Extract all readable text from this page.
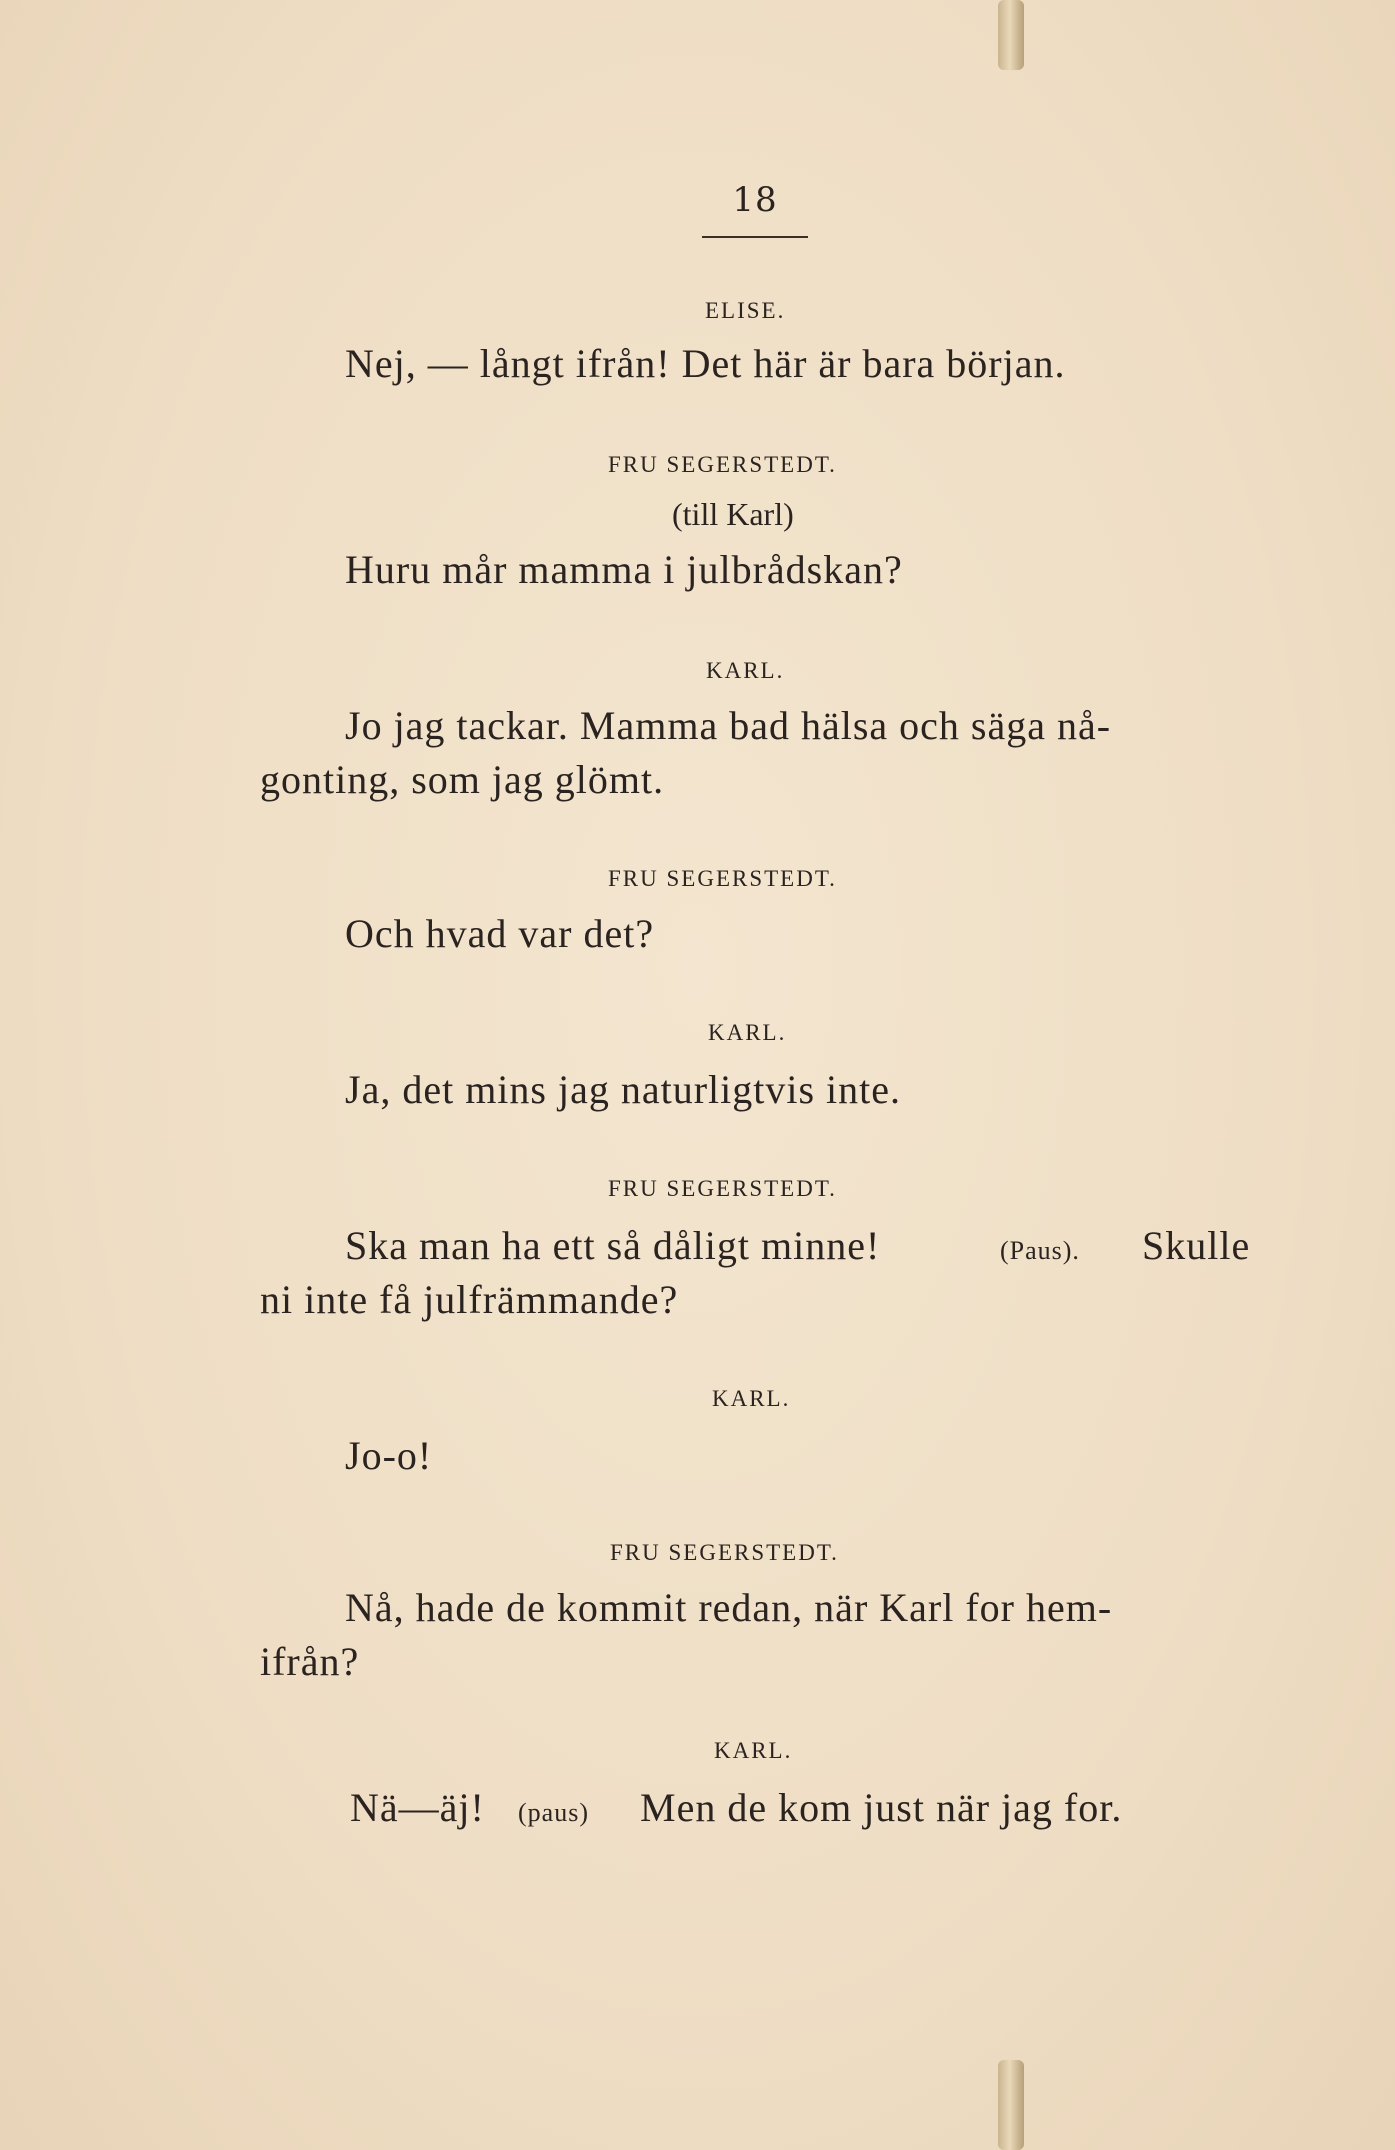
18
ELISE.
Nej, — långt ifrån! Det här är bara början.
FRU SEGERSTEDT.
(till Karl)
Huru mår mamma i julbrådskan?
KARL.
Jo jag tackar. Mamma bad hälsa och säga nå-
gonting, som jag glömt.
FRU SEGERSTEDT.
Och hvad var det?
KARL.
Ja, det mins jag naturligtvis inte.
FRU SEGERSTEDT.
Ska man ha ett så dåligt minne!	(Paus). Skulle
ni inte få julfrämmande?
KARL.
Jo-o!
FRU SEGERSTEDT.
Nå, hade de kommit redan, när Karl for hem-
ifrån?
KARL.
Nä—äj! (paus) Men de kom just när jag for.
